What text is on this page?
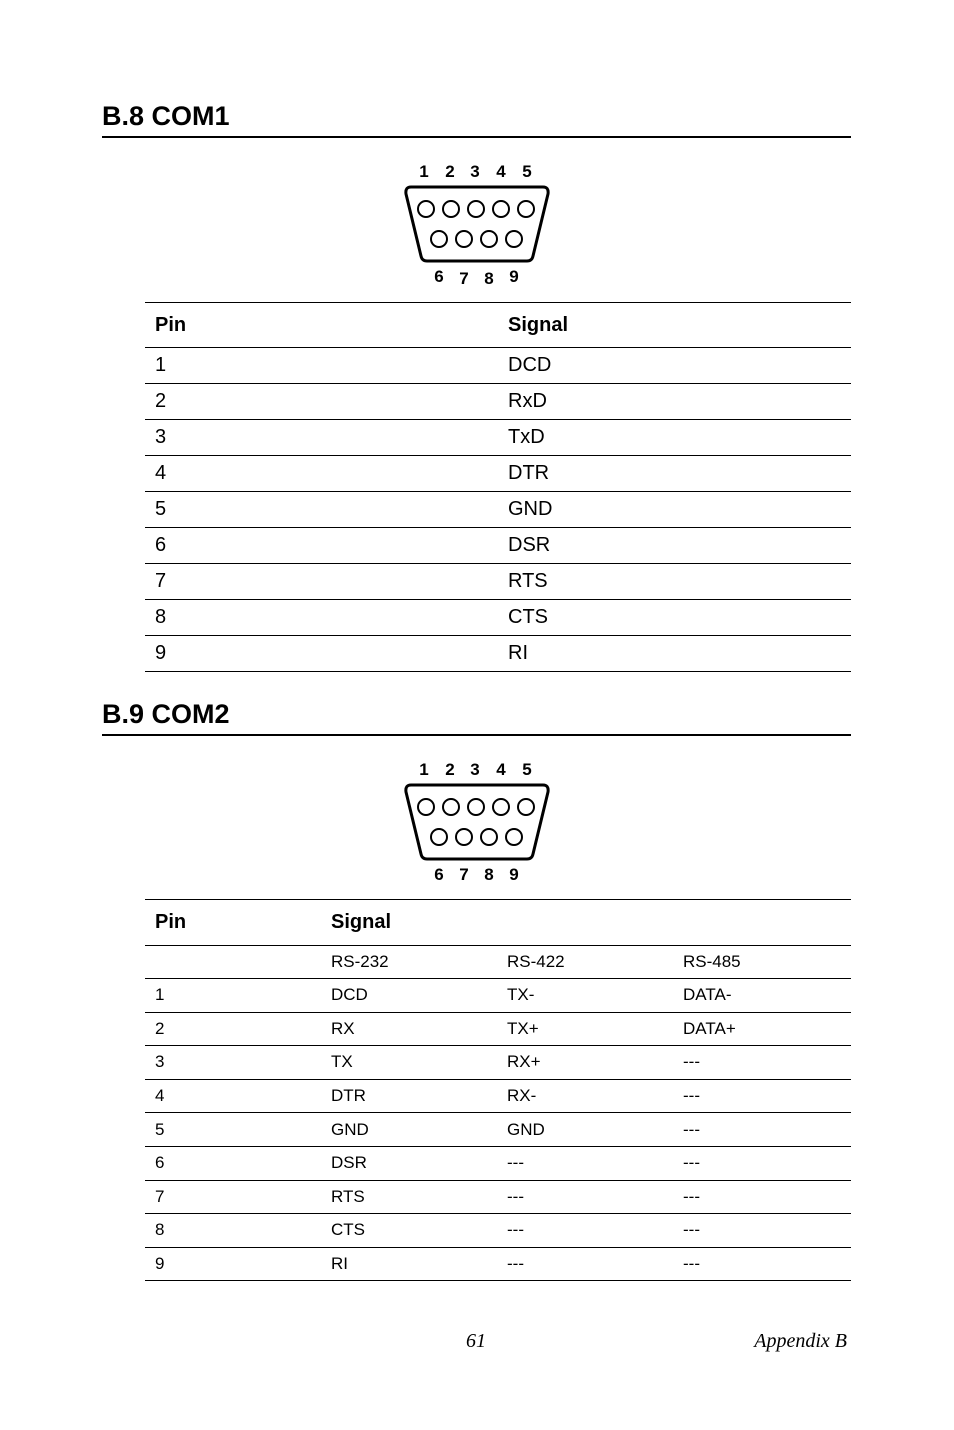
B.8 COM1
1 2 3 4 5
6 7 8 9
Pin	Signal
1	DCD
2	RxD
3	TxD
4	DTR
5	GND
6	DSR
7	RTS
8	CTS
9	RI
B.9 COM2
1 2 3 4 5
6 7 8 9
Pin	Signal		
	RS-232	RS-422	RS-485
1	DCD	TX-	DATA-
2	RX	TX+	DATA+
3	TX	RX+	---
4	DTR	RX-	---
5	GND	GND	---
6	DSR	---	---
7	RTS	---	---
8	CTS	---	---
9	RI	---	---
61	Appendix B
